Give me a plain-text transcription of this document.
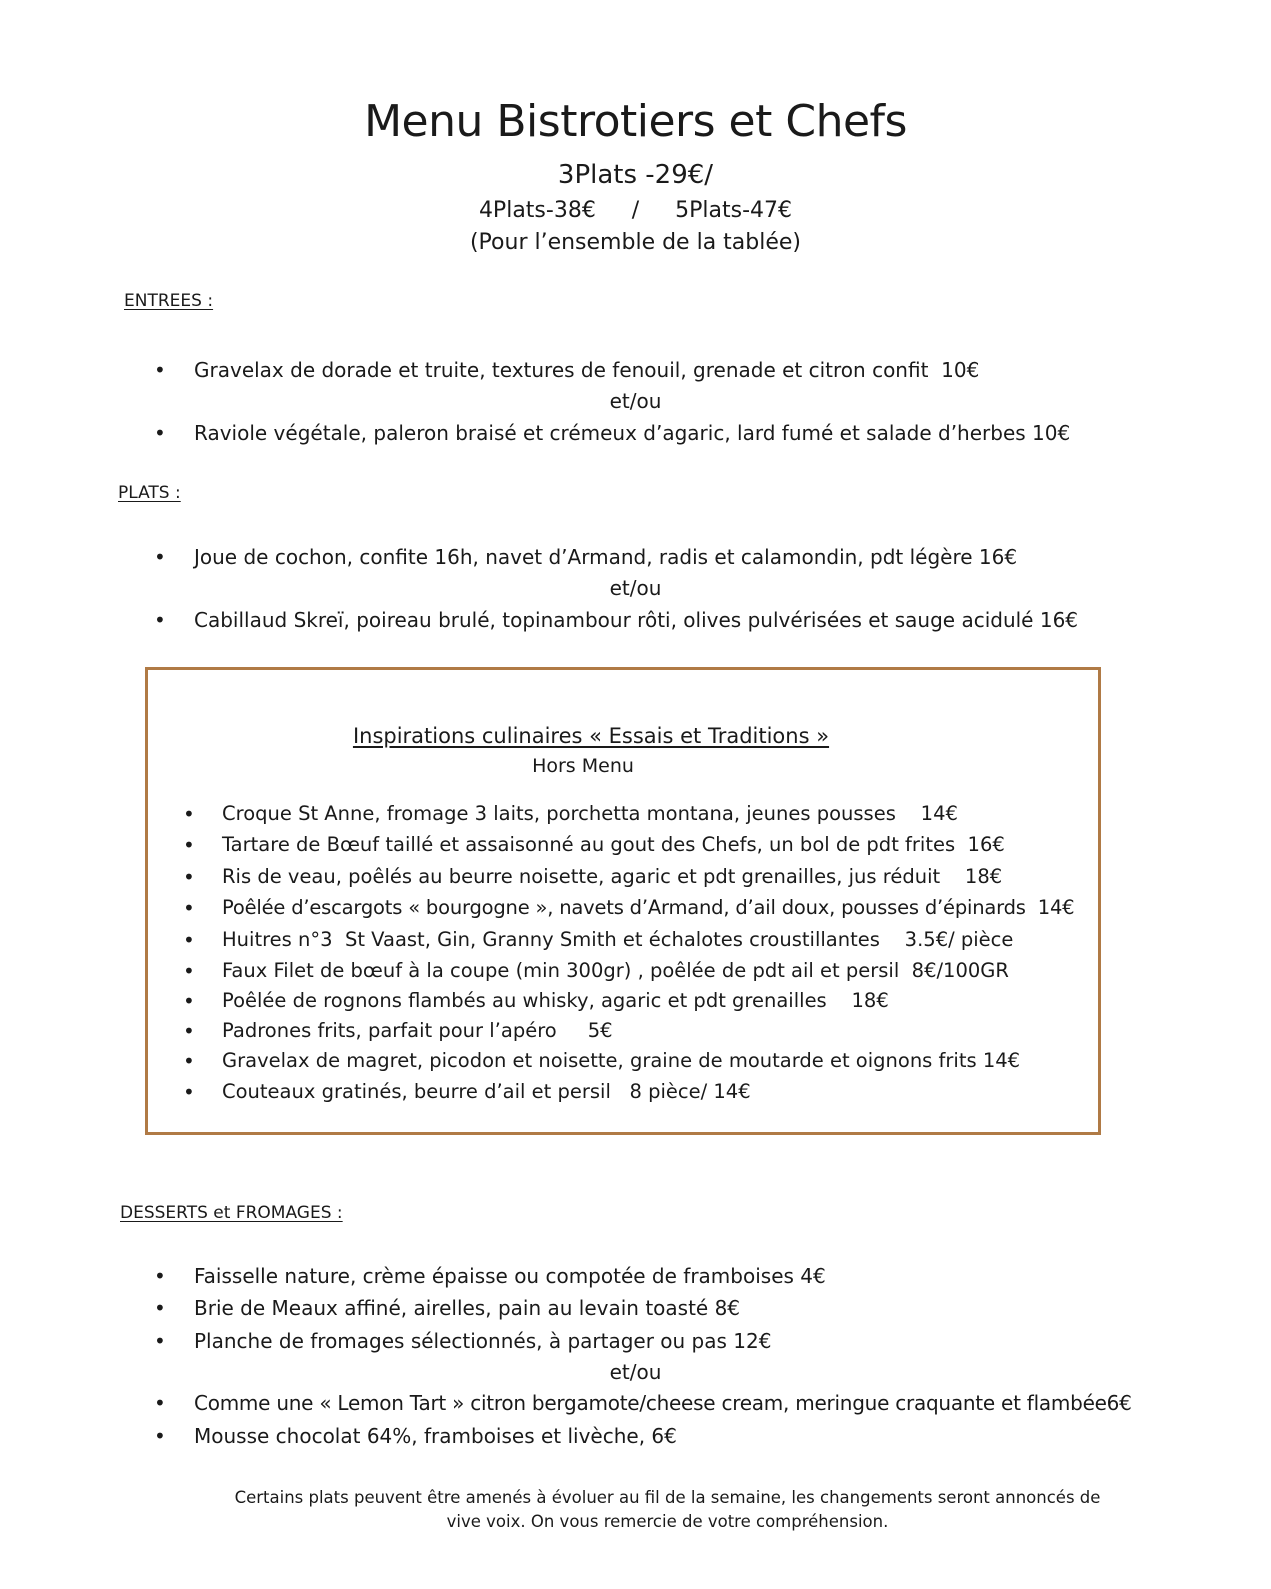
Menu Bistrotiers et Chefs
3Plats -29€/
4Plats-38€    /    5Plats-47€
(Pour l’ensemble de la tablée)
ENTREES :
• Gravelax de dorade et truite, textures de fenouil, grenade et citron confit  10€
et/ou
• Raviole végétale, paleron braisé et crémeux d’agaric, lard fumé et salade d’herbes 10€
PLATS :
• Joue de cochon, confite 16h, navet d’Armand, radis et calamondin, pdt légère 16€
et/ou
• Cabillaud Skreï, poireau brulé, topinambour rôti, olives pulvérisées et sauge acidulé 16€
Inspirations culinaires « Essais et Traditions »
Hors Menu
• Croque St Anne, fromage 3 laits, porchetta montana, jeunes pousses    14€
• Tartare de Bœuf taillé et assaisonné au gout des Chefs, un bol de pdt frites  16€
• Ris de veau, poêlés au beurre noisette, agaric et pdt grenailles, jus réduit    18€
• Poêlée d’escargots « bourgogne », navets d’Armand, d’ail doux, pousses d’épinards  14€
• Huitres n°3  St Vaast, Gin, Granny Smith et échalotes croustillantes    3.5€/ pièce
• Faux Filet de bœuf à la coupe (min 300gr) , poêlée de pdt ail et persil  8€/100GR
• Poêlée de rognons flambés au whisky, agaric et pdt grenailles    18€
• Padrones frits, parfait pour l’apéro     5€
• Gravelax de magret, picodon et noisette, graine de moutarde et oignons frits 14€
• Couteaux gratinés, beurre d’ail et persil   8 pièce/ 14€
DESSERTS et FROMAGES :
• Faisselle nature, crème épaisse ou compotée de framboises 4€
• Brie de Meaux affiné, airelles, pain au levain toasté 8€
• Planche de fromages sélectionnés, à partager ou pas 12€
et/ou
• Comme une « Lemon Tart » citron bergamote/cheese cream, meringue craquante et flambée6€
• Mousse chocolat 64%, framboises et livèche, 6€
Certains plats peuvent être amenés à évoluer au fil de la semaine, les changements seront annoncés de
vive voix. On vous remercie de votre compréhension.
